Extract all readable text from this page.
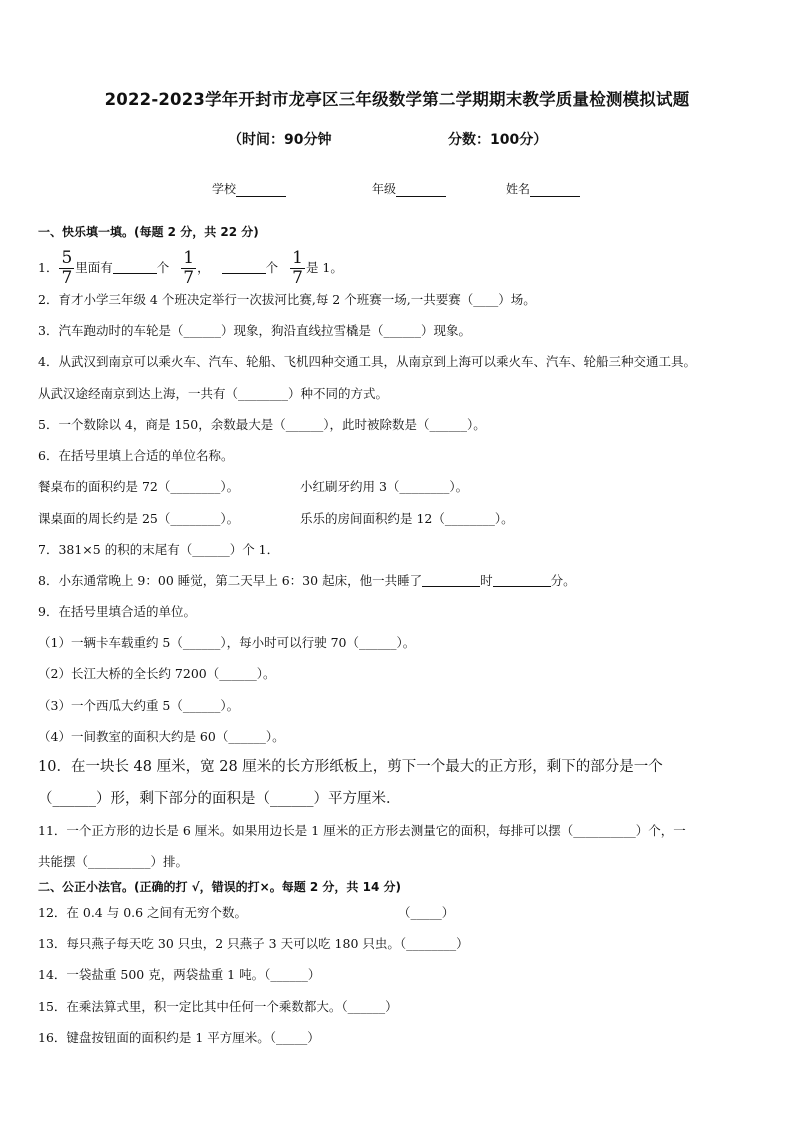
2022-2023学年开封市龙亭区三年级数学第二学期期末教学质量检测模拟试题
（时间：90分钟	分数：100分）
学校	年级	姓名
一、快乐填一填。(每题 2 分，共 22 分)
1． $\frac{5}{7}$ 里面有	个 $\frac{1}{7}$ ，	个 $\frac{1}{7}$ 是 1。
2．育才小学三年级 4 个班决定举行一次拔河比赛,每 2 个班赛一场,一共要赛（____）场。
3．汽车跑动时的车轮是（______）现象，狗沿直线拉雪橇是（______）现象。
4．从武汉到南京可以乘火车、汽车、轮船、飞机四种交通工具，从南京到上海可以乘火车、汽车、轮船三种交通工具。
从武汉途经南京到达上海，一共有（________）种不同的方式。
5．一个数除以 4，商是 150，余数最大是（______），此时被除数是（______）。
6．在括号里填上合适的单位名称。
餐桌布的面积约是 72（________）。	小红刷牙约用 3（________）。
课桌面的周长约是 25（________）。	乐乐的房间面积约是 12（________）。
7．381×5 的积的末尾有（______）个 1．
8．小东通常晚上 9：00 睡觉，第二天早上 6：30 起床，他一共睡了	时	分。
9．在括号里填合适的单位。
（1）一辆卡车载重约 5（______），每小时可以行驶 70（______）。
（2）长江大桥的全长约 7200（______）。
（3）一个西瓜大约重 5（______）。
（4）一间教室的面积大约是 60（______）。
10．在一块长 48 厘米，宽 28 厘米的长方形纸板上，剪下一个最大的正方形，剩下的部分是一个
（______）形，剩下部分的面积是（______）平方厘米．
11．一个正方形的边长是 6 厘米。如果用边长是 1 厘米的正方形去测量它的面积，每排可以摆（__________）个，一
共能摆（__________）排。
二、公正小法官。(正确的打 √，错误的打×。每题 2 分，共 14 分)
12．在 0.4 与 0.6 之间有无穷个数。	（_____）
13．每只燕子每天吃 30 只虫，2 只燕子 3 天可以吃 180 只虫。（________）
14．一袋盐重 500 克，两袋盐重 1 吨。（______）
15．在乘法算式里，积一定比其中任何一个乘数都大。（______）
16．键盘按钮面的面积约是 1 平方厘米。（_____）
